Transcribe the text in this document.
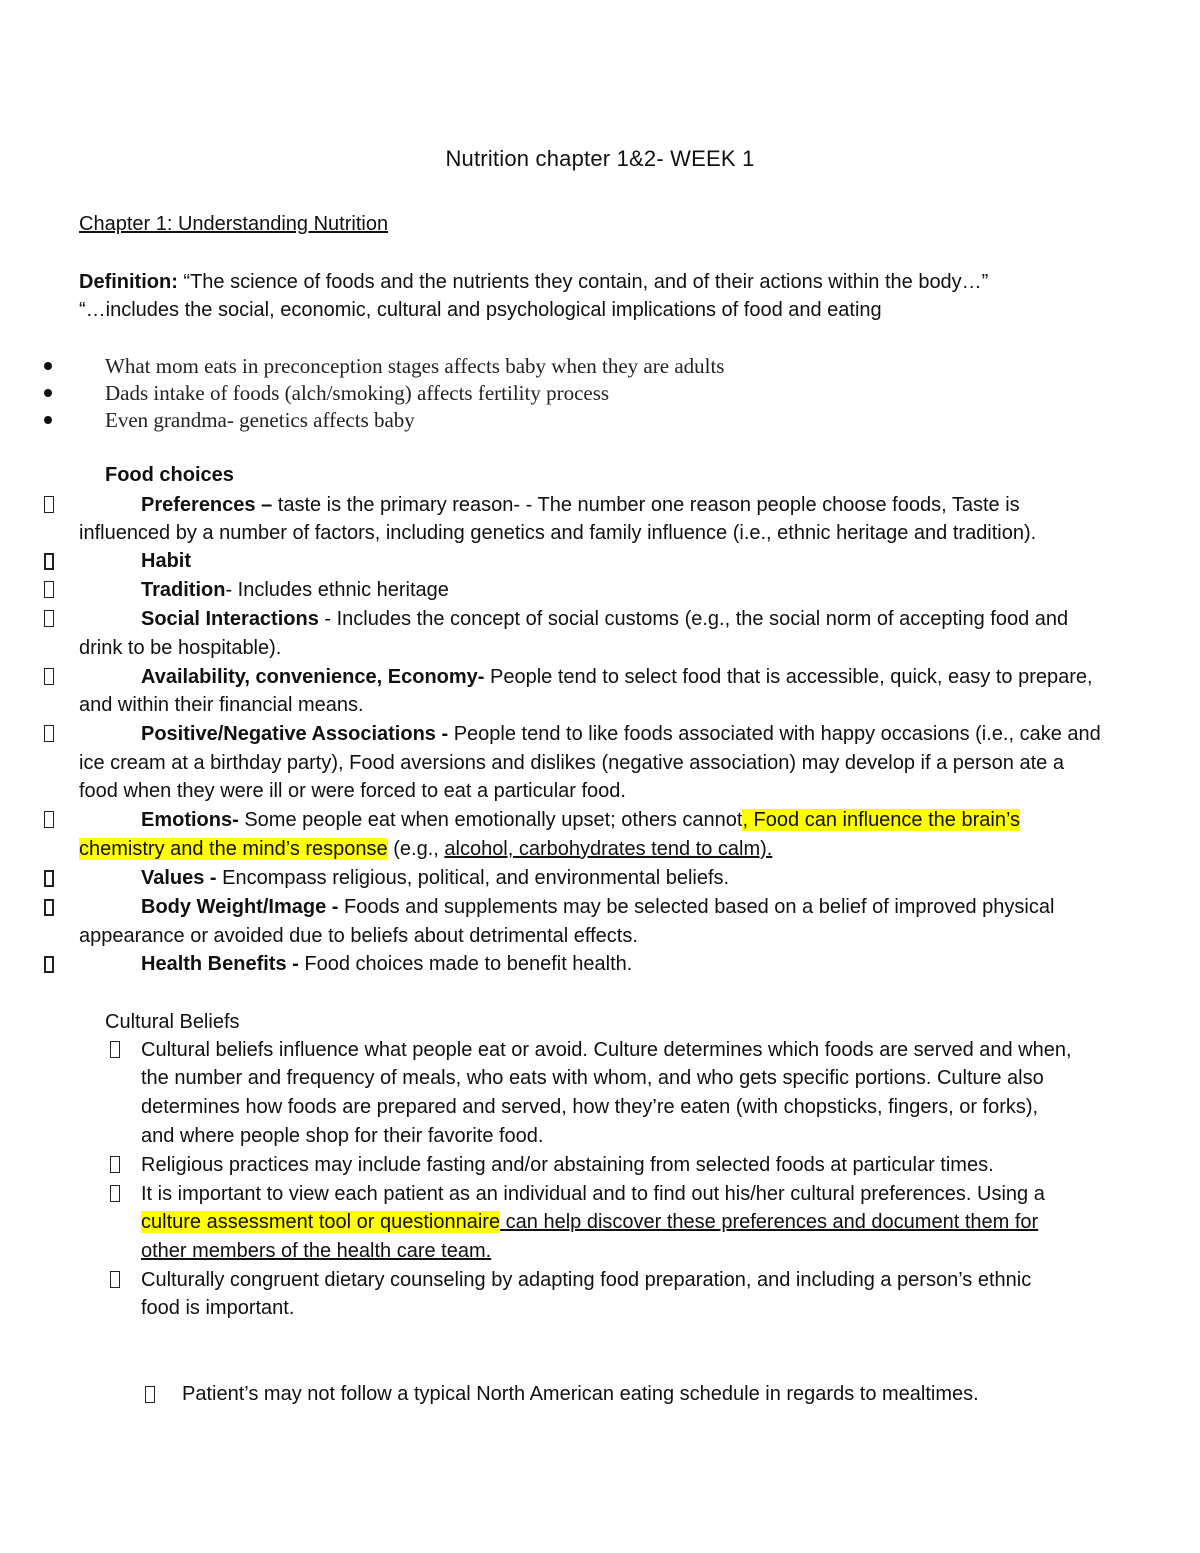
Nutrition chapter 1&2- WEEK 1
Chapter 1: Understanding Nutrition
Definition: “The science of foods and the nutrients they contain, and of their actions within the body…”
“…includes the social, economic, cultural and psychological implications of food and eating
What mom eats in preconception stages affects baby when they are adults
Dads intake of foods (alch/smoking) affects fertility process
Even grandma- genetics affects baby
Food choices
Preferences – taste is the primary reason- - The number one reason people choose foods, Taste is
influenced by a number of factors, including genetics and family influence (i.e., ethnic heritage and tradition).
Habit
Tradition- Includes ethnic heritage
Social Interactions - Includes the concept of social customs (e.g., the social norm of accepting food and
drink to be hospitable).
Availability, convenience, Economy- People tend to select food that is accessible, quick, easy to prepare,
and within their financial means.
Positive/Negative Associations - People tend to like foods associated with happy occasions (i.e., cake and
ice cream at a birthday party), Food aversions and dislikes (negative association) may develop if a person ate a
food when they were ill or were forced to eat a particular food.
Emotions- Some people eat when emotionally upset; others cannot, Food can influence the brain’s
chemistry and the mind’s response (e.g., alcohol, carbohydrates tend to calm).
Values - Encompass religious, political, and environmental beliefs.
Body Weight/Image - Foods and supplements may be selected based on a belief of improved physical
appearance or avoided due to beliefs about detrimental effects.
Health Benefits - Food choices made to benefit health.
Cultural Beliefs
Cultural beliefs influence what people eat or avoid. Culture determines which foods are served and when,
the number and frequency of meals, who eats with whom, and who gets specific portions. Culture also
determines how foods are prepared and served, how they’re eaten (with chopsticks, fingers, or forks),
and where people shop for their favorite food.
Religious practices may include fasting and/or abstaining from selected foods at particular times.
It is important to view each patient as an individual and to find out his/her cultural preferences. Using a
culture assessment tool or questionnaire can help discover these preferences and document them for
other members of the health care team.
Culturally congruent dietary counseling by adapting food preparation, and including a person’s ethnic
food is important.
Patient’s may not follow a typical North American eating schedule in regards to mealtimes.
